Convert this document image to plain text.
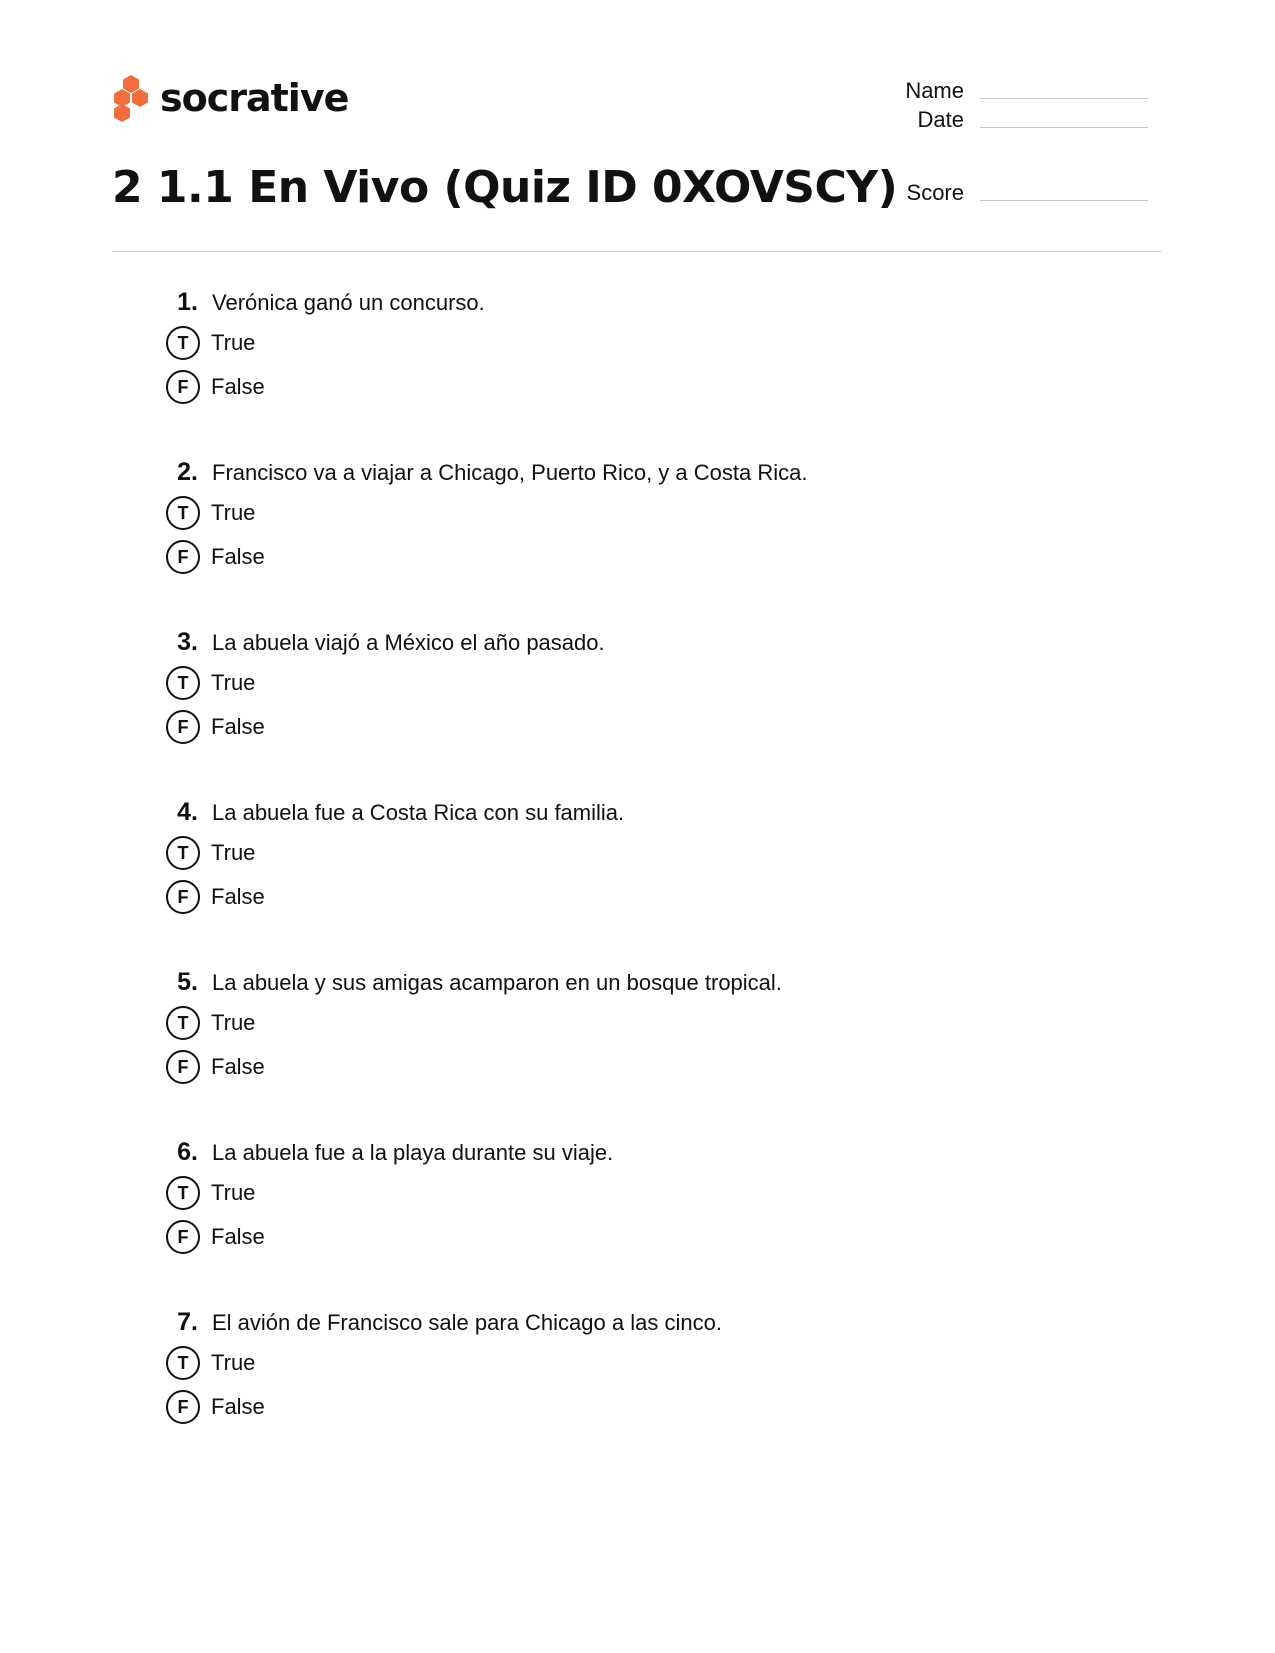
socrative
2 1.1 En Vivo (Quiz ID 0XOVSCY)
Name
Date
Score
1. Verónica ganó un concurso.
T	True
F	False
2. Francisco va a viajar a Chicago, Puerto Rico, y a Costa Rica.
T	True
F	False
3. La abuela viajó a México el año pasado.
T	True
F	False
4. La abuela fue a Costa Rica con su familia.
T	True
F	False
5. La abuela y sus amigas acamparon en un bosque tropical.
T	True
F	False
6. La abuela fue a la playa durante su viaje.
T	True
F	False
7. El avión de Francisco sale para Chicago a las cinco.
T	True
F	False
